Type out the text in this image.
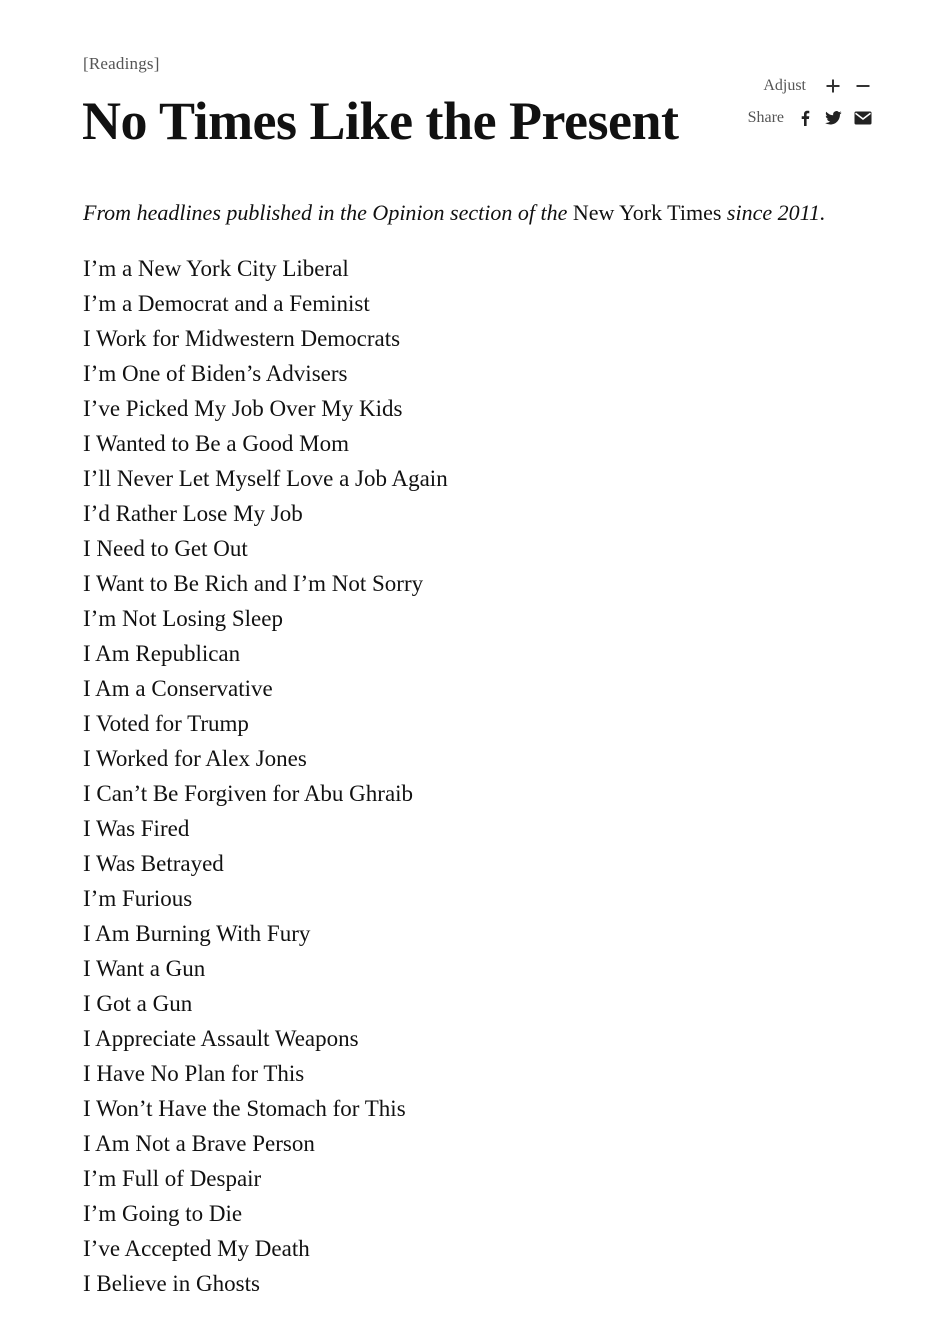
[Readings]
No Times Like the Present
Adjust
Share

From headlines published in the Opinion section of the New York Times since 2011.

I’m a New York City Liberal
I’m a Democrat and a Feminist
I Work for Midwestern Democrats
I’m One of Biden’s Advisers
I’ve Picked My Job Over My Kids
I Wanted to Be a Good Mom
I’ll Never Let Myself Love a Job Again
I’d Rather Lose My Job
I Need to Get Out
I Want to Be Rich and I’m Not Sorry
I’m Not Losing Sleep
I Am Republican
I Am a Conservative
I Voted for Trump
I Worked for Alex Jones
I Can’t Be Forgiven for Abu Ghraib
I Was Fired
I Was Betrayed
I’m Furious
I Am Burning With Fury
I Want a Gun
I Got a Gun
I Appreciate Assault Weapons
I Have No Plan for This
I Won’t Have the Stomach for This
I Am Not a Brave Person
I’m Full of Despair
I’m Going to Die
I’ve Accepted My Death
I Believe in Ghosts
